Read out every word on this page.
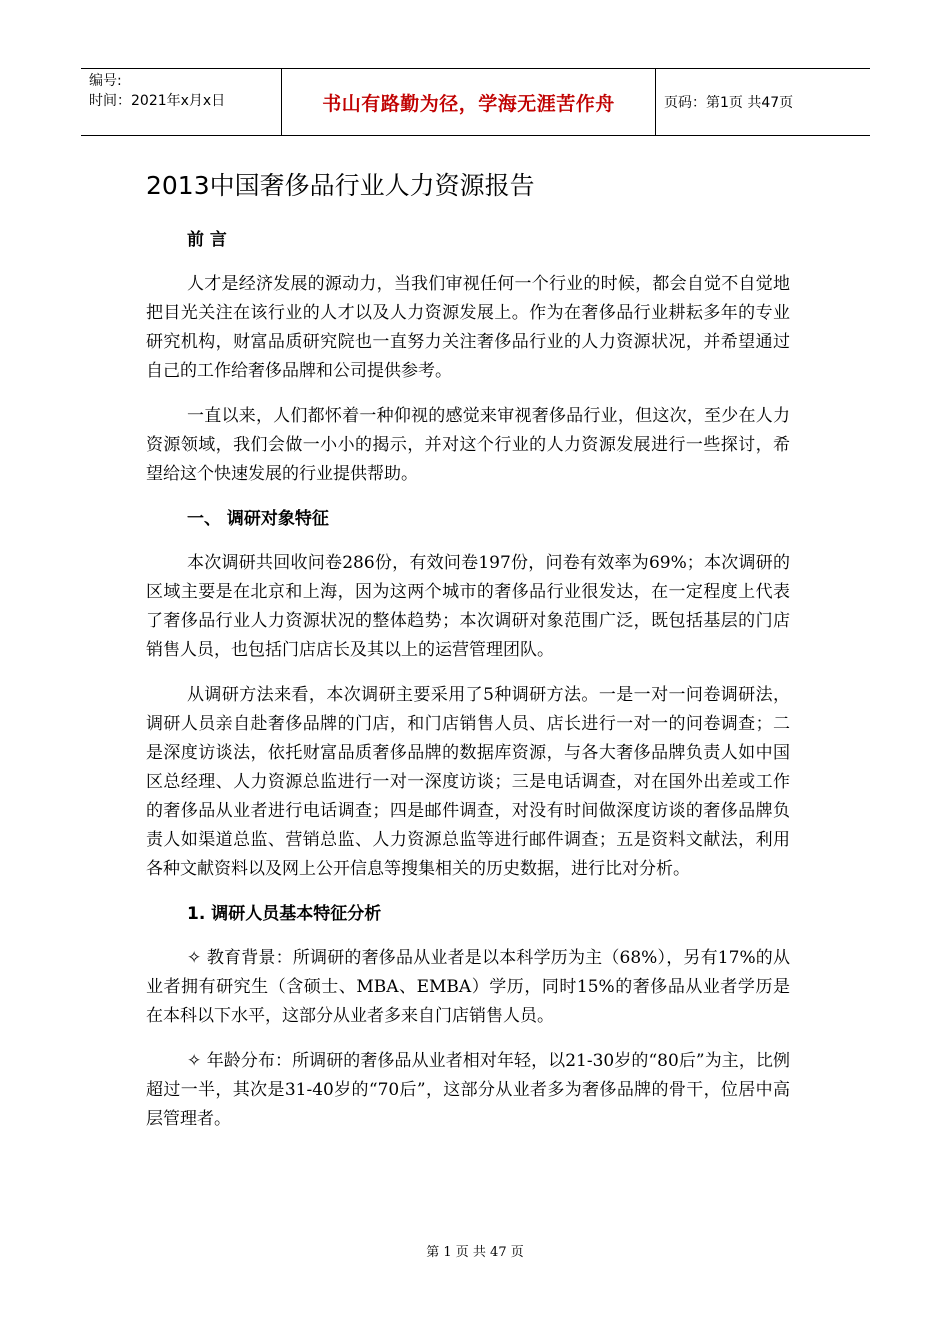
编号:
时间：2021年x月x日	书山有路勤为径，学海无涯苦作舟	页码：第1页 共47页
2013中国奢侈品行业人力资源报告
前 言

人才是经济发展的源动力，当我们审视任何一个行业的时候，都会自觉不自觉地把目光关注在该行业的人才以及人力资源发展上。作为在奢侈品行业耕耘多年的专业研究机构，财富品质研究院也一直努力关注奢侈品行业的人力资源状况，并希望通过自己的工作给奢侈品牌和公司提供参考。

一直以来，人们都怀着一种仰视的感觉来审视奢侈品行业，但这次，至少在人力资源领域，我们会做一小小的揭示，并对这个行业的人力资源发展进行一些探讨，希望给这个快速发展的行业提供帮助。

一、 调研对象特征

本次调研共回收问卷286份，有效问卷197份，问卷有效率为69%；本次调研的区域主要是在北京和上海，因为这两个城市的奢侈品行业很发达，在一定程度上代表了奢侈品行业人力资源状况的整体趋势；本次调研对象范围广泛，既包括基层的门店销售人员，也包括门店店长及其以上的运营管理团队。

从调研方法来看，本次调研主要采用了5种调研方法。一是一对一问卷调研法，调研人员亲自赴奢侈品牌的门店，和门店销售人员、店长进行一对一的问卷调查；二是深度访谈法，依托财富品质奢侈品牌的数据库资源，与各大奢侈品牌负责人如中国区总经理、人力资源总监进行一对一深度访谈；三是电话调查，对在国外出差或工作的奢侈品从业者进行电话调查；四是邮件调查，对没有时间做深度访谈的奢侈品牌负责人如渠道总监、营销总监、人力资源总监等进行邮件调查；五是资料文献法，利用各种文献资料以及网上公开信息等搜集相关的历史数据，进行比对分析。

1. 调研人员基本特征分析

✧ 教育背景：所调研的奢侈品从业者是以本科学历为主（68%），另有17%的从业者拥有研究生（含硕士、MBA、EMBA）学历，同时15%的奢侈品从业者学历是在本科以下水平，这部分从业者多来自门店销售人员。

✧ 年龄分布：所调研的奢侈品从业者相对年轻，以21-30岁的“80后”为主，比例超过一半，其次是31-40岁的“70后”，这部分从业者多为奢侈品牌的骨干，位居中高层管理者。

第 1 页 共 47 页
